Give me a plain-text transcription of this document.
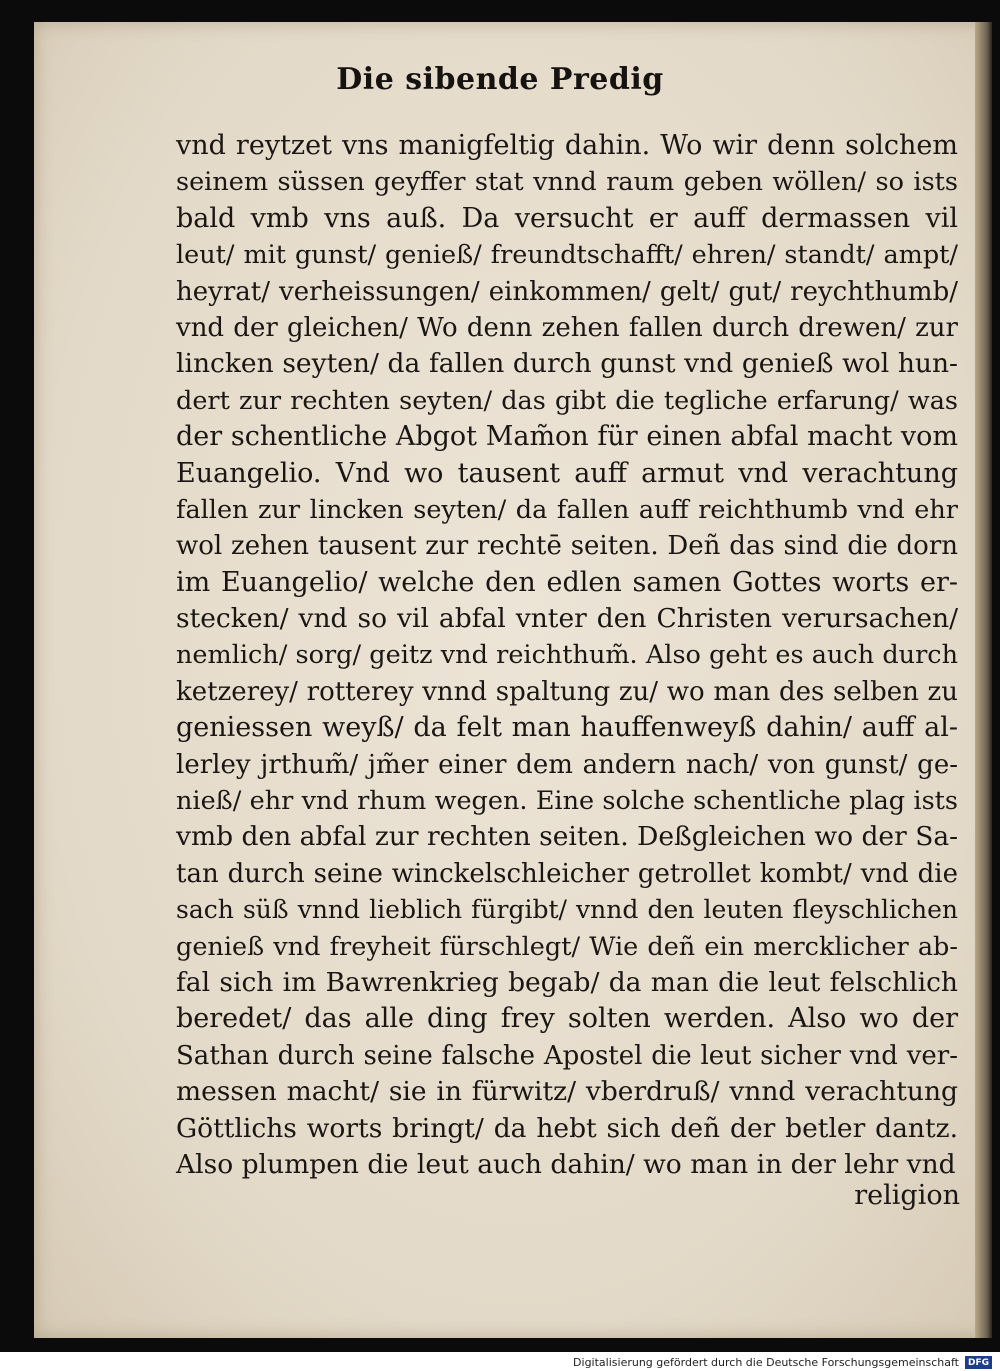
Die sibende Predig
vnd reytzet vns manigfeltig dahin. Wo wir denn solchem
seinem süssen geyffer stat vnnd raum geben wöllen/ so ists
bald vmb vns auß. Da versucht er auff dermassen vil
leut/ mit gunst/ genieß/ freundtschafft/ ehren/ standt/ ampt/
heyrat/ verheissungen/ einkommen/ gelt/ gut/ reychthumb/
vnd der gleichen/ Wo denn zehen fallen durch drewen/ zur
lincken seyten/ da fallen durch gunst vnd genieß wol hun-
dert zur rechten seyten/ das gibt die tegliche erfarung/ was
der schentliche Abgot Mam̃on für einen abfal macht vom
Euangelio. Vnd wo tausent auff armut vnd verachtung
fallen zur lincken seyten/ da fallen auff reichthumb vnd ehr
wol zehen tausent zur rechtē seiten. Deñ das sind die dorn
im Euangelio/ welche den edlen samen Gottes worts er-
stecken/ vnd so vil abfal vnter den Christen verursachen/
nemlich/ sorg/ geitz vnd reichthum̃. Also geht es auch durch
ketzerey/ rotterey vnnd spaltung zu/ wo man des selben zu
geniessen weyß/ da felt man hauffenweyß dahin/ auff al-
lerley jrthum̃/ jm̃er einer dem andern nach/ von gunst/ ge-
nieß/ ehr vnd rhum wegen. Eine solche schentliche plag ists
vmb den abfal zur rechten seiten. Deßgleichen wo der Sa-
tan durch seine winckelschleicher getrollet kombt/ vnd die
sach süß vnnd lieblich fürgibt/ vnnd den leuten fleyschlichen
genieß vnd freyheit fürschlegt/ Wie deñ ein mercklicher ab-
fal sich im Bawrenkrieg begab/ da man die leut felschlich
beredet/ das alle ding frey solten werden. Also wo der
Sathan durch seine falsche Apostel die leut sicher vnd ver-
messen macht/ sie in fürwitz/ vberdruß/ vnnd verachtung
Göttlichs worts bringt/ da hebt sich deñ der betler dantz.
Also plumpen die leut auch dahin/ wo man in der lehr vnd
religion
Digitalisierung gefördert durch die Deutsche Forschungsgemeinschaft	DFG
